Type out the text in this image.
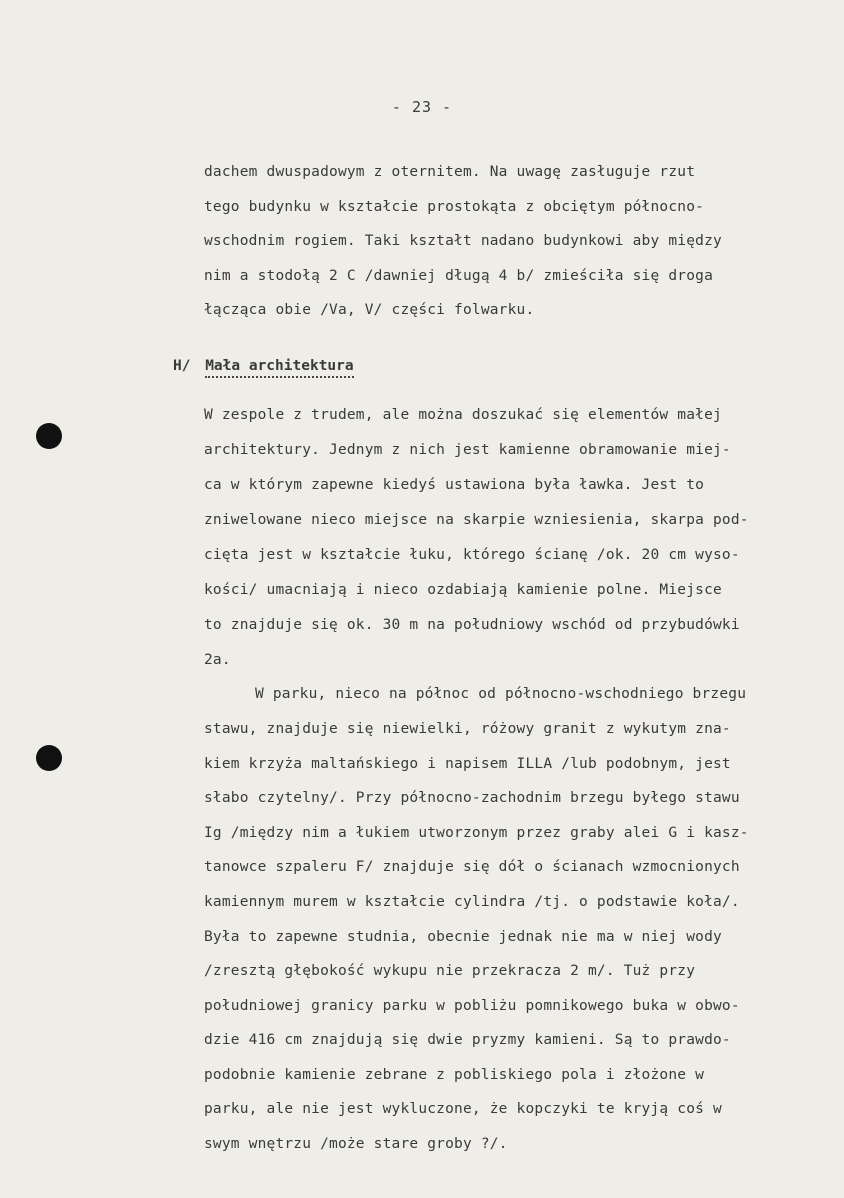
- 23 -
dachem dwuspadowym z oternitem. Na uwagę zasługuje rzut
tego budynku w kształcie prostokąta z obciętym północno-
wschodnim rogiem. Taki kształt nadano budynkowi aby między
nim a stodołą 2 C /dawniej długą 4 b/ zmieściła się droga
łącząca obie /Va, V/ części folwarku.
H/ Mała architektura
W zespole z trudem, ale można doszukać się elementów małej
architektury. Jednym z nich jest kamienne obramowanie miej-
ca w którym zapewne kiedyś ustawiona była ławka. Jest to
zniwelowane nieco miejsce na skarpie wzniesienia, skarpa pod-
cięta jest w kształcie łuku, którego ścianę /ok. 20 cm wyso-
kości/ umacniają i nieco ozdabiają kamienie polne. Miejsce
to znajduje się ok. 30 m na południowy wschód od przybudówki
2a.
W parku, nieco na północ od północno-wschodniego brzegu
stawu, znajduje się niewielki, różowy granit z wykutym zna-
kiem krzyża maltańskiego i napisem ILLA /lub podobnym, jest
słabo czytelny/. Przy północno-zachodnim brzegu byłego stawu
Ig /między nim a łukiem utworzonym przez graby alei G i kasz-
tanowce szpaleru F/ znajduje się dół o ścianach wzmocnionych
kamiennym murem w kształcie cylindra /tj. o podstawie koła/.
Była to zapewne studnia, obecnie jednak nie ma w niej wody
/zresztą głębokość wykupu nie przekracza 2 m/. Tuż przy
południowej granicy parku w pobliżu pomnikowego buka w obwo-
dzie 416 cm znajdują się dwie pryzmy kamieni. Są to prawdo-
podobnie kamienie zebrane z pobliskiego pola i złożone w
parku, ale nie jest wykluczone, że kopczyki te kryją coś w
swym wnętrzu /może stare groby ?/.
